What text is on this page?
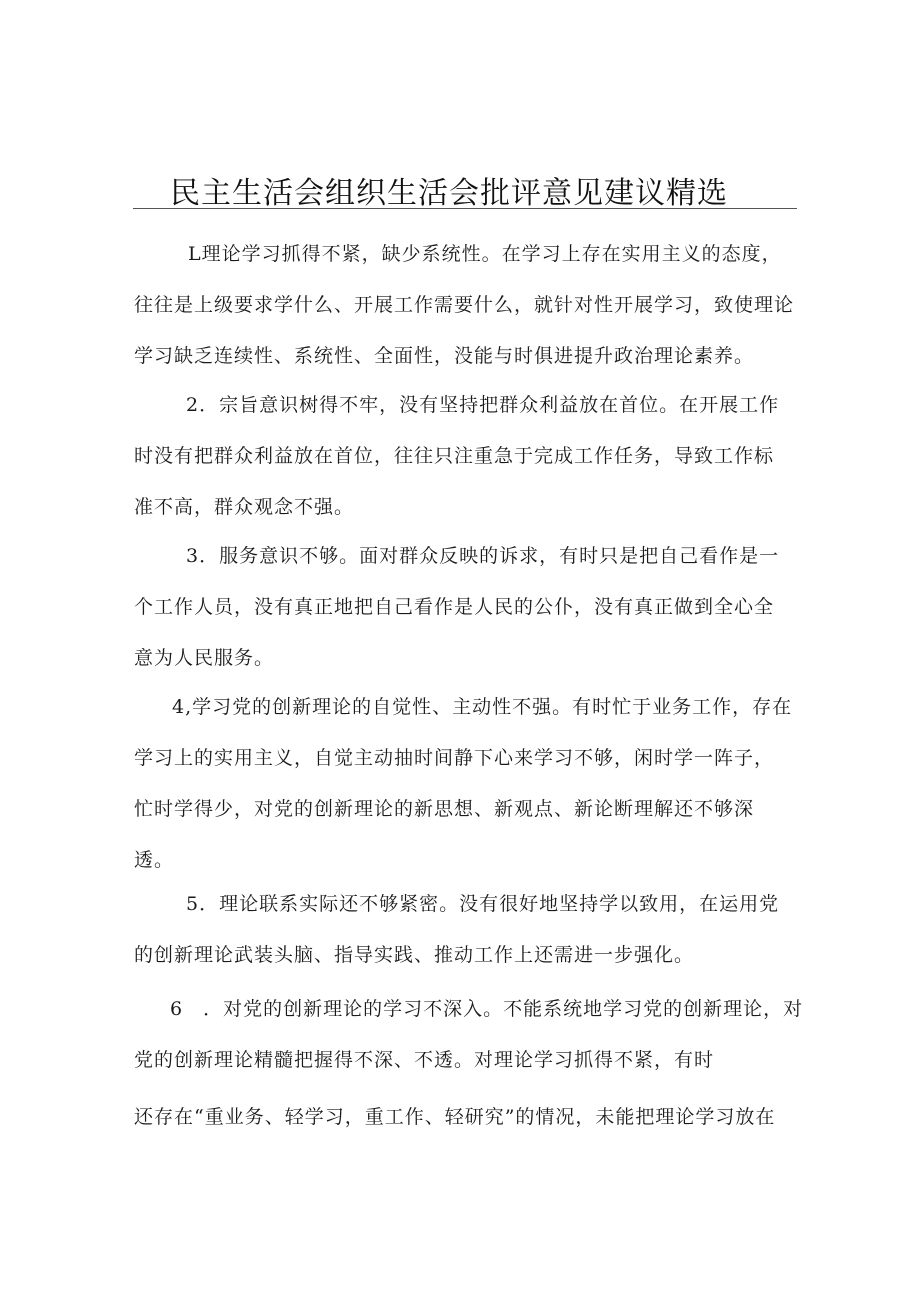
民主生活会组织生活会批评意见建议精选
L理论学习抓得不紧，缺少系统性。在学习上存在实用主义的态度，
往往是上级要求学什么、开展工作需要什么，就针对性开展学习，致使理论
学习缺乏连续性、系统性、全面性，没能与时俱进提升政治理论素养。
2．宗旨意识树得不牢，没有坚持把群众利益放在首位。在开展工作
时没有把群众利益放在首位，往往只注重急于完成工作任务，导致工作标
准不高，群众观念不强。
3．服务意识不够。面对群众反映的诉求，有时只是把自己看作是一
个工作人员，没有真正地把自己看作是人民的公仆，没有真正做到全心全
意为人民服务。
4,学习党的创新理论的自觉性、主动性不强。有时忙于业务工作，存在
学习上的实用主义，自觉主动抽时间静下心来学习不够，闲时学一阵子，
忙时学得少，对党的创新理论的新思想、新观点、新论断理解还不够深
透。
5．理论联系实际还不够紧密。没有很好地坚持学以致用，在运用党
的创新理论武装头脑、指导实践、推动工作上还需进一步强化。
6　．对党的创新理论的学习不深入。不能系统地学习党的创新理论，对
党的创新理论精髓把握得不深、不透。对理论学习抓得不紧，有时
还存在“重业务、轻学习，重工作、轻研究”的情况，未能把理论学习放在
